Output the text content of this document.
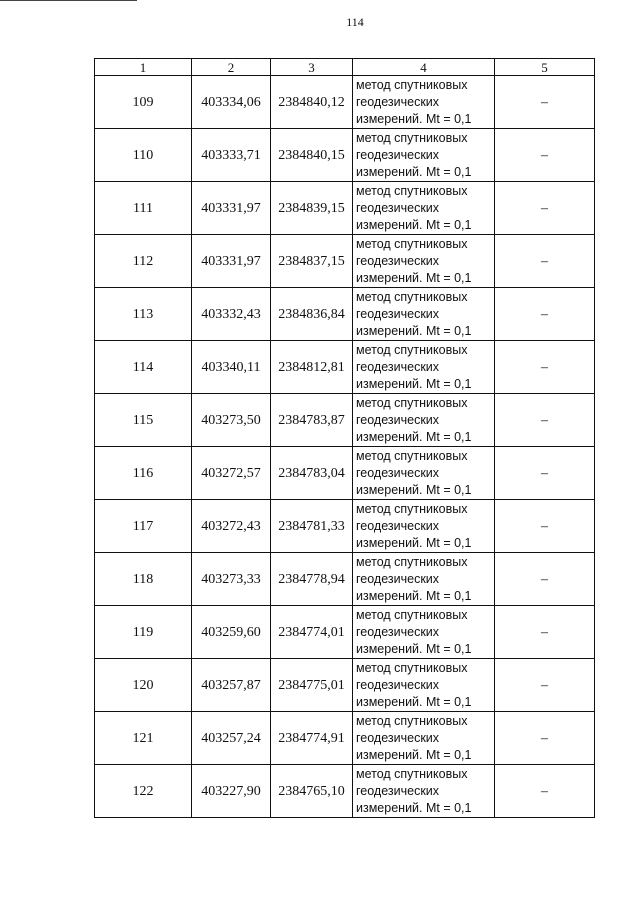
114
1	2	3	4	5
109	403334,06	2384840,12	метод спутниковых
геодезических
измерений. Mt = 0,1	–
110	403333,71	2384840,15	метод спутниковых
геодезических
измерений. Mt = 0,1	–
111	403331,97	2384839,15	метод спутниковых
геодезических
измерений. Mt = 0,1	–
112	403331,97	2384837,15	метод спутниковых
геодезических
измерений. Mt = 0,1	–
113	403332,43	2384836,84	метод спутниковых
геодезических
измерений. Mt = 0,1	–
114	403340,11	2384812,81	метод спутниковых
геодезических
измерений. Mt = 0,1	–
115	403273,50	2384783,87	метод спутниковых
геодезических
измерений. Mt = 0,1	–
116	403272,57	2384783,04	метод спутниковых
геодезических
измерений. Mt = 0,1	–
117	403272,43	2384781,33	метод спутниковых
геодезических
измерений. Mt = 0,1	–
118	403273,33	2384778,94	метод спутниковых
геодезических
измерений. Mt = 0,1	–
119	403259,60	2384774,01	метод спутниковых
геодезических
измерений. Mt = 0,1	–
120	403257,87	2384775,01	метод спутниковых
геодезических
измерений. Mt = 0,1	–
121	403257,24	2384774,91	метод спутниковых
геодезических
измерений. Mt = 0,1	–
122	403227,90	2384765,10	метод спутниковых
геодезических
измерений. Mt = 0,1	–
